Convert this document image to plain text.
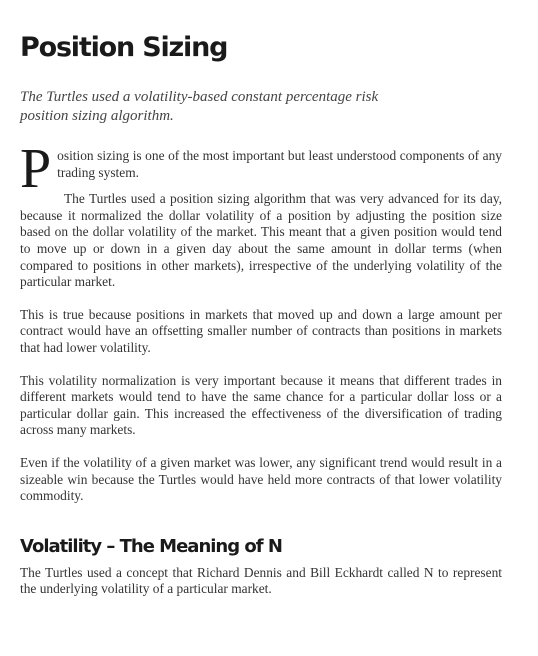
Position Sizing

The Turtles used a volatility-based constant percentage risk position sizing algorithm.

P osition sizing is one of the most important but least understood components of any trading system.

The Turtles used a position sizing algorithm that was very advanced for its day, because it normalized the dollar volatility of a position by adjusting the position size based on the dollar volatility of the market. This meant that a given position would tend to move up or down in a given day about the same amount in dollar terms (when compared to positions in other markets), irrespective of the underlying volatility of the particular market.

This is true because positions in markets that moved up and down a large amount per contract would have an offsetting smaller number of contracts than positions in markets that had lower volatility.

This volatility normalization is very important because it means that different trades in different markets would tend to have the same chance for a particular dollar loss or a particular dollar gain. This increased the effectiveness of the diversification of trading across many markets.

Even if the volatility of a given market was lower, any significant trend would result in a sizeable win because the Turtles would have held more contracts of that lower volatility commodity.

Volatility – The Meaning of N

The Turtles used a concept that Richard Dennis and Bill Eckhardt called N to represent the underlying volatility of a particular market.
